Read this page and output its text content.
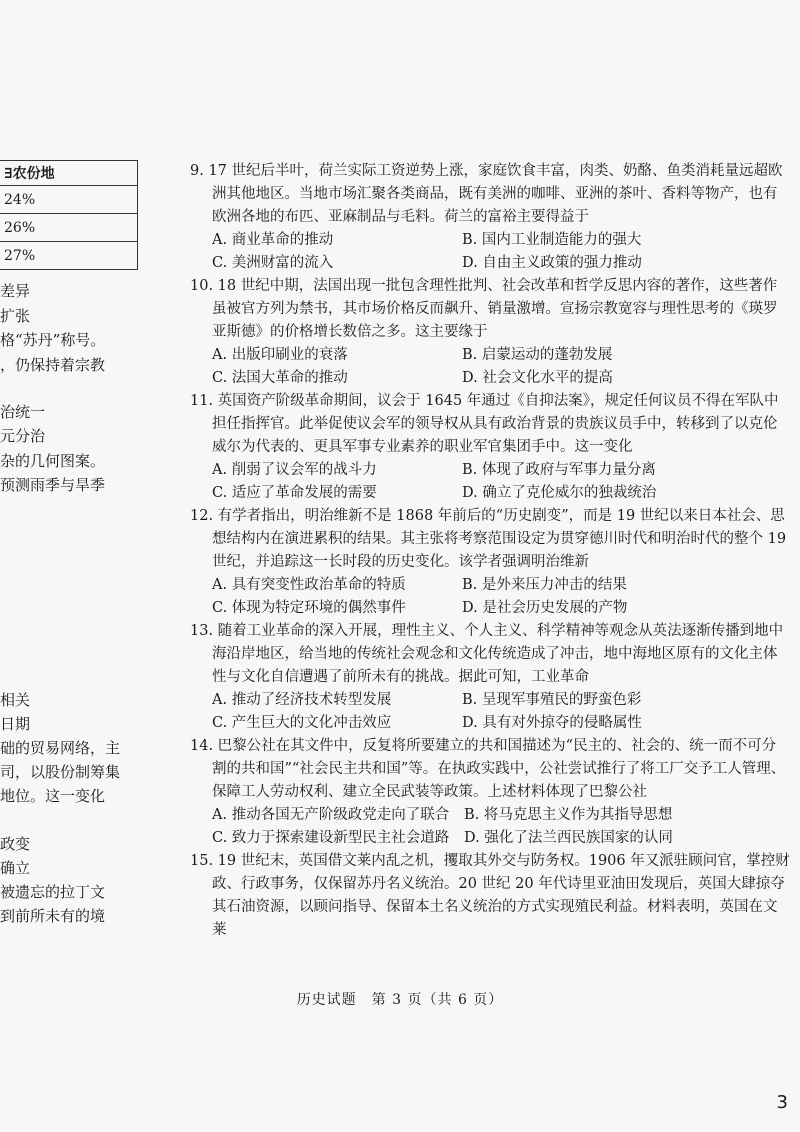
∃农份地
24%
26%
27%
差异
扩张
格“苏丹”称号。
，仍保持着宗教
治统一
元分治
杂的几何图案。
预测雨季与旱季
相关
日期
础的贸易网络，主
司，以股份制筹集
地位。这一变化
政变
确立
被遗忘的拉丁文
到前所未有的境
9. 17 世纪后半叶，荷兰实际工资逆势上涨，家庭饮食丰富，肉类、奶酪、鱼类消耗量远超欧洲其他地区。当地市场汇聚各类商品，既有美洲的咖啡、亚洲的茶叶、香料等物产，也有欧洲各地的布匹、亚麻制品与毛料。荷兰的富裕主要得益于
A. 商业革命的推动	B. 国内工业制造能力的强大
C. 美洲财富的流入	D. 自由主义政策的强力推动
10. 18 世纪中期，法国出现一批包含理性批判、社会改革和哲学反思内容的著作，这些著作虽被官方列为禁书，其市场价格反而飙升、销量激增。宣扬宗教宽容与理性思考的《瑛罗亚斯德》的价格增长数倍之多。这主要缘于
A. 出版印刷业的衰落	B. 启蒙运动的蓬勃发展
C. 法国大革命的推动	D. 社会文化水平的提高
11. 英国资产阶级革命期间，议会于 1645 年通过《自抑法案》，规定任何议员不得在军队中担任指挥官。此举促使议会军的领导权从具有政治背景的贵族议员手中，转移到了以克伦威尔为代表的、更具军事专业素养的职业军官集团手中。这一变化
A. 削弱了议会军的战斗力	B. 体现了政府与军事力量分离
C. 适应了革命发展的需要	D. 确立了克伦威尔的独裁统治
12. 有学者指出，明治维新不是 1868 年前后的“历史剧变”，而是 19 世纪以来日本社会、思想结构内在演进累积的结果。其主张将考察范围设定为贯穿德川时代和明治时代的整个 19 世纪，并追踪这一长时段的历史变化。该学者强调明治维新
A. 具有突变性政治革命的特质	B. 是外来压力冲击的结果
C. 体现为特定环境的偶然事件	D. 是社会历史发展的产物
13. 随着工业革命的深入开展，理性主义、个人主义、科学精神等观念从英法逐渐传播到地中海沿岸地区，给当地的传统社会观念和文化传统造成了冲击，地中海地区原有的文化主体性与文化自信遭遇了前所未有的挑战。据此可知，工业革命
A. 推动了经济技术转型发展	B. 呈现军事殖民的野蛮色彩
C. 产生巨大的文化冲击效应	D. 具有对外掠夺的侵略属性
14. 巴黎公社在其文件中，反复将所要建立的共和国描述为“民主的、社会的、统一而不可分割的共和国”“社会民主共和国”等。在执政实践中，公社尝试推行了将工厂交予工人管理、保障工人劳动权利、建立全民武装等政策。上述材料体现了巴黎公社
A. 推动各国无产阶级政党走向了联合	B. 将马克思主义作为其指导思想
C. 致力于探索建设新型民主社会道路	D. 强化了法兰西民族国家的认同
15. 19 世纪末，英国借文莱内乱之机，攫取其外交与防务权。1906 年又派驻顾问官，掌控财政、行政事务，仅保留苏丹名义统治。20 世纪 20 年代诗里亚油田发现后，英国大肆掠夺其石油资源，以顾问指导、保留本土名义统治的方式实现殖民利益。材料表明，英国在文莱
历史试题　第 3 页（共 6 页）
3
